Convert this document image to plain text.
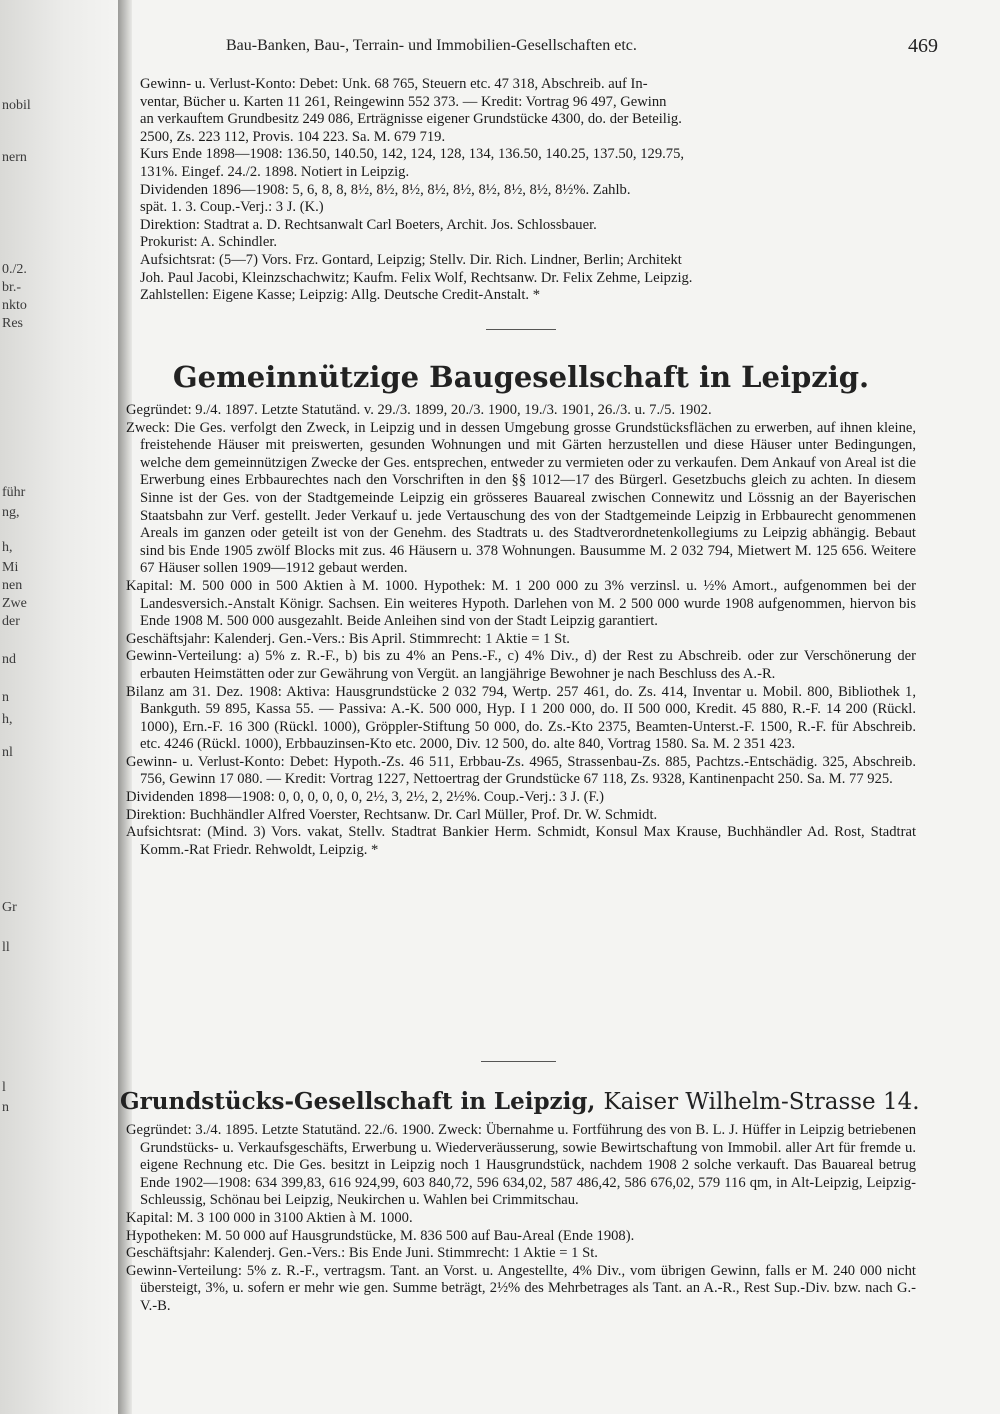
nobil
nern
0./2.
br.-
nkto
Res
führ
ng,
h,
Mi
nen
Zwe
der
nd
n
h,
nl
Gr
ll
l
n
Bau-Banken, Bau-, Terrain- und Immobilien-Gesellschaften etc.	469

Gewinn- u. Verlust-Konto: Debet: Unk. 68 765, Steuern etc. 47 318, Abschreib. auf In-

ventar, Bücher u. Karten 11 261, Reingewinn 552 373. — Kredit: Vortrag 96 497, Gewinn

an verkauftem Grundbesitz 249 086, Erträgnisse eigener Grundstücke 4300, do. der Beteilig.

2500, Zs. 223 112, Provis. 104 223. Sa. M. 679 719.

Kurs Ende 1898—1908: 136.50, 140.50, 142, 124, 128, 134, 136.50, 140.25, 137.50, 129.75,

131%. Eingef. 24./2. 1898. Notiert in Leipzig.

Dividenden 1896—1908: 5, 6, 8, 8, 8½, 8½, 8½, 8½, 8½, 8½, 8½, 8½, 8½%. Zahlb.

spät. 1. 3. Coup.-Verj.: 3 J. (K.)

Direktion: Stadtrat a. D. Rechtsanwalt Carl Boeters, Archit. Jos. Schlossbauer.

Prokurist: A. Schindler.

Aufsichtsrat: (5—7) Vors. Frz. Gontard, Leipzig; Stellv. Dir. Rich. Lindner, Berlin; Architekt

Joh. Paul Jacobi, Kleinzschachwitz; Kaufm. Felix Wolf, Rechtsanw. Dr. Felix Zehme, Leipzig.

Zahlstellen: Eigene Kasse; Leipzig: Allg. Deutsche Credit-Anstalt. *

Gemeinnützige Baugesellschaft in Leipzig.

Gegründet: 9./4. 1897. Letzte Statutänd. v. 29./3. 1899, 20./3. 1900, 19./3. 1901, 26./3. u. 7./5. 1902.

Zweck: Die Ges. verfolgt den Zweck, in Leipzig und in dessen Umgebung grosse Grundstücksflächen zu erwerben, auf ihnen kleine, freistehende Häuser mit preiswerten, gesunden Wohnungen und mit Gärten herzustellen und diese Häuser unter Bedingungen, welche dem gemeinnützigen Zwecke der Ges. entsprechen, entweder zu vermieten oder zu verkaufen. Dem Ankauf von Areal ist die Erwerbung eines Erbbaurechtes nach den Vorschriften in den §§ 1012—17 des Bürgerl. Gesetzbuchs gleich zu achten. In diesem Sinne ist der Ges. von der Stadtgemeinde Leipzig ein grösseres Bauareal zwischen Connewitz und Lössnig an der Bayerischen Staatsbahn zur Verf. gestellt. Jeder Verkauf u. jede Vertauschung des von der Stadtgemeinde Leipzig in Erbbaurecht genommenen Areals im ganzen oder geteilt ist von der Genehm. des Stadtrats u. des Stadtverordnetenkollegiums zu Leipzig abhängig. Bebaut sind bis Ende 1905 zwölf Blocks mit zus. 46 Häusern u. 378 Wohnungen. Bausumme M. 2 032 794, Mietwert M. 125 656. Weitere 67 Häuser sollen 1909—1912 gebaut werden.

Kapital: M. 500 000 in 500 Aktien à M. 1000. Hypothek: M. 1 200 000 zu 3% verzinsl. u. ½% Amort., aufgenommen bei der Landesversich.-Anstalt Königr. Sachsen. Ein weiteres Hypoth. Darlehen von M. 2 500 000 wurde 1908 aufgenommen, hiervon bis Ende 1908 M. 500 000 ausgezahlt. Beide Anleihen sind von der Stadt Leipzig garantiert.

Geschäftsjahr: Kalenderj. Gen.-Vers.: Bis April. Stimmrecht: 1 Aktie = 1 St.

Gewinn-Verteilung: a) 5% z. R.-F., b) bis zu 4% an Pens.-F., c) 4% Div., d) der Rest zu Abschreib. oder zur Verschönerung der erbauten Heimstätten oder zur Gewährung von Vergüt. an langjährige Bewohner je nach Beschluss des A.-R.

Bilanz am 31. Dez. 1908: Aktiva: Hausgrundstücke 2 032 794, Wertp. 257 461, do. Zs. 414, Inventar u. Mobil. 800, Bibliothek 1, Bankguth. 59 895, Kassa 55. — Passiva: A.-K. 500 000, Hyp. I 1 200 000, do. II 500 000, Kredit. 45 880, R.-F. 14 200 (Rückl. 1000), Ern.-F. 16 300 (Rückl. 1000), Gröppler-Stiftung 50 000, do. Zs.-Kto 2375, Beamten-Unterst.-F. 1500, R.-F. für Abschreib. etc. 4246 (Rückl. 1000), Erbbauzinsen-Kto etc. 2000, Div. 12 500, do. alte 840, Vortrag 1580. Sa. M. 2 351 423.

Gewinn- u. Verlust-Konto: Debet: Hypoth.-Zs. 46 511, Erbbau-Zs. 4965, Strassenbau-Zs. 885, Pachtzs.-Entschädig. 325, Abschreib. 756, Gewinn 17 080. — Kredit: Vortrag 1227, Nettoertrag der Grundstücke 67 118, Zs. 9328, Kantinenpacht 250. Sa. M. 77 925.

Dividenden 1898—1908: 0, 0, 0, 0, 0, 0, 2½, 3, 2½, 2, 2½%. Coup.-Verj.: 3 J. (F.)

Direktion: Buchhändler Alfred Voerster, Rechtsanw. Dr. Carl Müller, Prof. Dr. W. Schmidt.

Aufsichtsrat: (Mind. 3) Vors. vakat, Stellv. Stadtrat Bankier Herm. Schmidt, Konsul Max Krause, Buchhändler Ad. Rost, Stadtrat Komm.-Rat Friedr. Rehwoldt, Leipzig. *

Grundstücks-Gesellschaft in Leipzig, Kaiser Wilhelm-Strasse 14.

Gegründet: 3./4. 1895. Letzte Statutänd. 22./6. 1900. Zweck: Übernahme u. Fortführung des von B. L. J. Hüffer in Leipzig betriebenen Grundstücks- u. Verkaufsgeschäfts, Erwerbung u. Wiederveräusserung, sowie Bewirtschaftung von Immobil. aller Art für fremde u. eigene Rechnung etc. Die Ges. besitzt in Leipzig noch 1 Hausgrundstück, nachdem 1908 2 solche verkauft. Das Bauareal betrug Ende 1902—1908: 634 399,83, 616 924,99, 603 840,72, 596 634,02, 587 486,42, 586 676,02, 579 116 qm, in Alt-Leipzig, Leipzig-Schleussig, Schönau bei Leipzig, Neukirchen u. Wahlen bei Crimmitschau.

Kapital: M. 3 100 000 in 3100 Aktien à M. 1000.

Hypotheken: M. 50 000 auf Hausgrundstücke, M. 836 500 auf Bau-Areal (Ende 1908).

Geschäftsjahr: Kalenderj. Gen.-Vers.: Bis Ende Juni. Stimmrecht: 1 Aktie = 1 St.

Gewinn-Verteilung: 5% z. R.-F., vertragsm. Tant. an Vorst. u. Angestellte, 4% Div., vom übrigen Gewinn, falls er M. 240 000 nicht übersteigt, 3%, u. sofern er mehr wie gen. Summe beträgt, 2½% des Mehrbetrages als Tant. an A.-R., Rest Sup.-Div. bzw. nach G.-V.-B.
